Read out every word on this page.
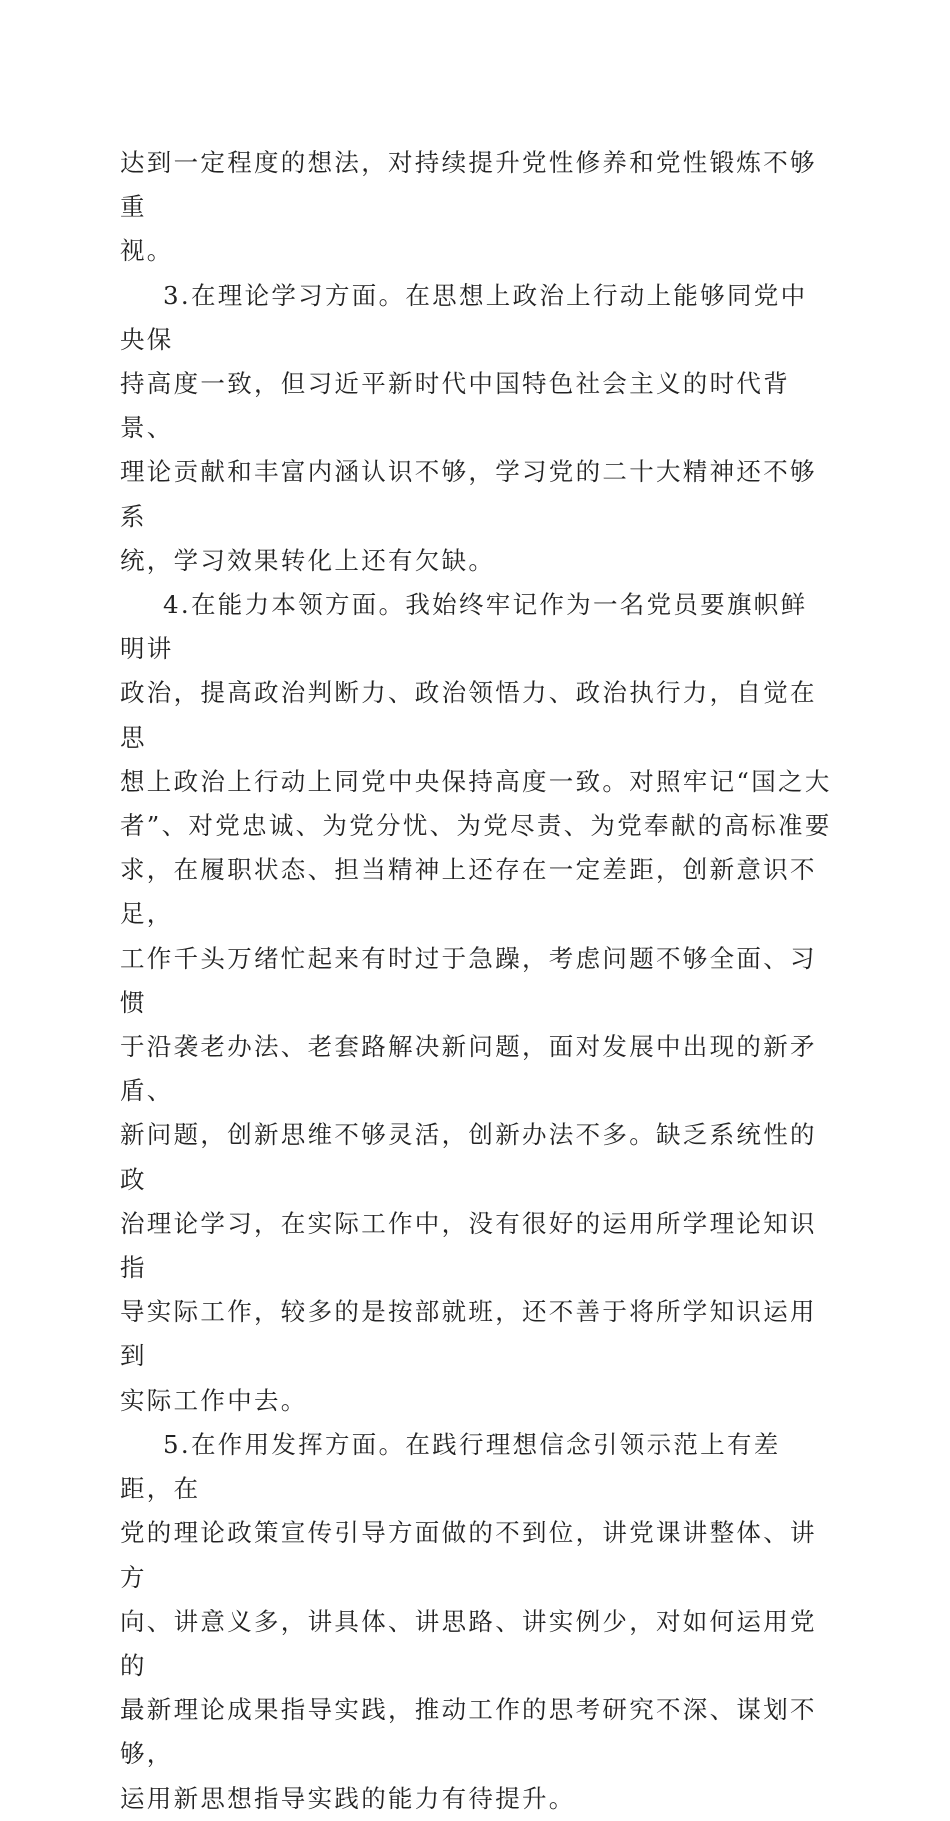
达到一定程度的想法，对持续提升党性修养和党性锻炼不够重
视。

3.在理论学习方面。在思想上政治上行动上能够同党中央保
持高度一致，但习近平新时代中国特色社会主义的时代背景、
理论贡献和丰富内涵认识不够，学习党的二十大精神还不够系
统，学习效果转化上还有欠缺。

4.在能力本领方面。我始终牢记作为一名党员要旗帜鲜明讲
政治，提高政治判断力、政治领悟力、政治执行力，自觉在思
想上政治上行动上同党中央保持高度一致。对照牢记“国之大
者”、对党忠诚、为党分忧、为党尽责、为党奉献的高标准要
求，在履职状态、担当精神上还存在一定差距，创新意识不足，
工作千头万绪忙起来有时过于急躁，考虑问题不够全面、习惯
于沿袭老办法、老套路解决新问题，面对发展中出现的新矛盾、
新问题，创新思维不够灵活，创新办法不多。缺乏系统性的政
治理论学习，在实际工作中，没有很好的运用所学理论知识指
导实际工作，较多的是按部就班，还不善于将所学知识运用到
实际工作中去。

5.在作用发挥方面。在践行理想信念引领示范上有差距，在
党的理论政策宣传引导方面做的不到位，讲党课讲整体、讲方
向、讲意义多，讲具体、讲思路、讲实例少，对如何运用党的
最新理论成果指导实践，推动工作的思考研究不深、谋划不够，
运用新思想指导实践的能力有待提升。
